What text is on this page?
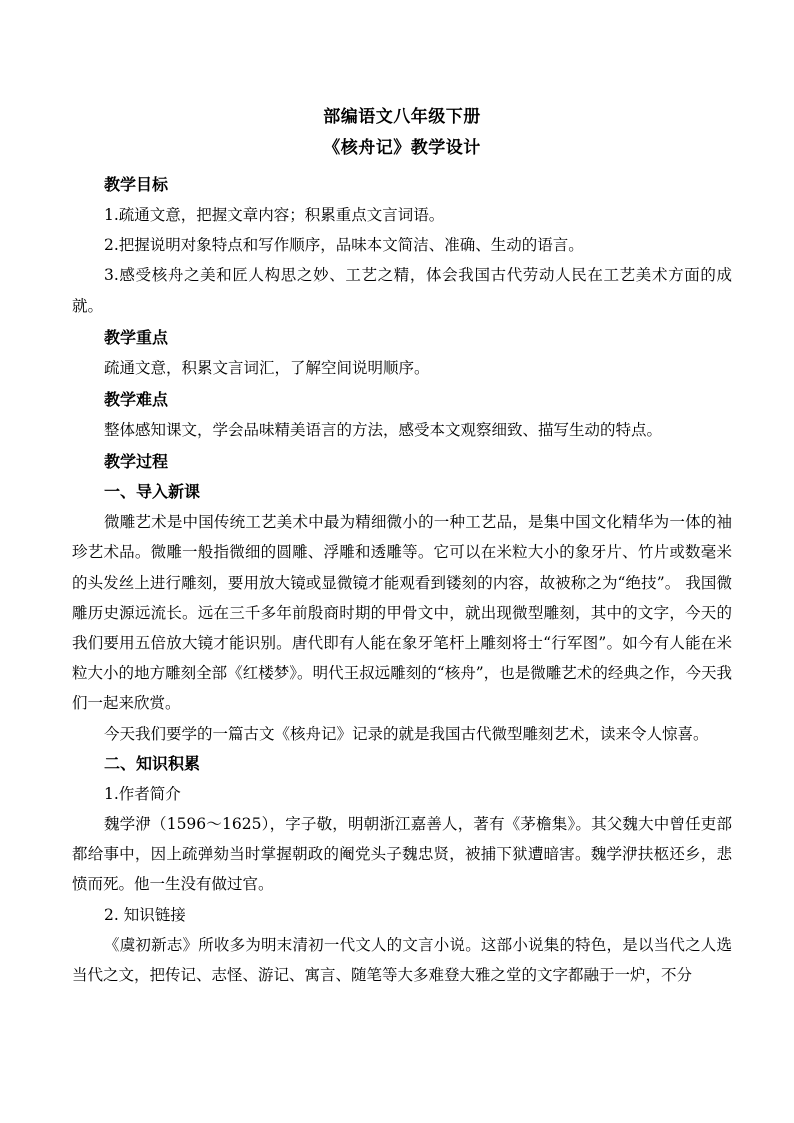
部编语文八年级下册
《核舟记》教学设计
教学目标

1.疏通文意，把握文章内容；积累重点文言词语。

2.把握说明对象特点和写作顺序，品味本文简洁、准确、生动的语言。

3.感受核舟之美和匠人构思之妙、工艺之精，体会我国古代劳动人民在工艺美术方面的成就。

教学重点

疏通文意，积累文言词汇，了解空间说明顺序。

教学难点

整体感知课文，学会品味精美语言的方法，感受本文观察细致、描写生动的特点。

教学过程
一、导入新课

微雕艺术是中国传统工艺美术中最为精细微小的一种工艺品，是集中国文化精华为一体的袖珍艺术品。微雕一般指微细的圆雕、浮雕和透雕等。它可以在米粒大小的象牙片、竹片或数毫米的头发丝上进行雕刻，要用放大镜或显微镜才能观看到镂刻的内容，故被称之为“绝技”。 我国微雕历史源远流长。远在三千多年前殷商时期的甲骨文中，就出现微型雕刻，其中的文字，今天的我们要用五倍放大镜才能识别。唐代即有人能在象牙笔杆上雕刻将士“行军图”。如今有人能在米粒大小的地方雕刻全部《红楼梦》。明代王叔远雕刻的“核舟”，也是微雕艺术的经典之作，今天我们一起来欣赏。

今天我们要学的一篇古文《核舟记》记录的就是我国古代微型雕刻艺术，读来令人惊喜。

二、知识积累

1.作者简介

魏学洢（1596～1625），字子敬，明朝浙江嘉善人，著有《茅檐集》。其父魏大中曾任吏部都给事中，因上疏弹劾当时掌握朝政的阉党头子魏忠贤，被捕下狱遭暗害。魏学洢扶柩还乡，悲愤而死。他一生没有做过官。

2. 知识链接

《虞初新志》所收多为明末清初一代文人的文言小说。这部小说集的特色，是以当代之人选当代之文，把传记、志怪、游记、寓言、随笔等大多难登大雅之堂的文字都融于一炉，不分
